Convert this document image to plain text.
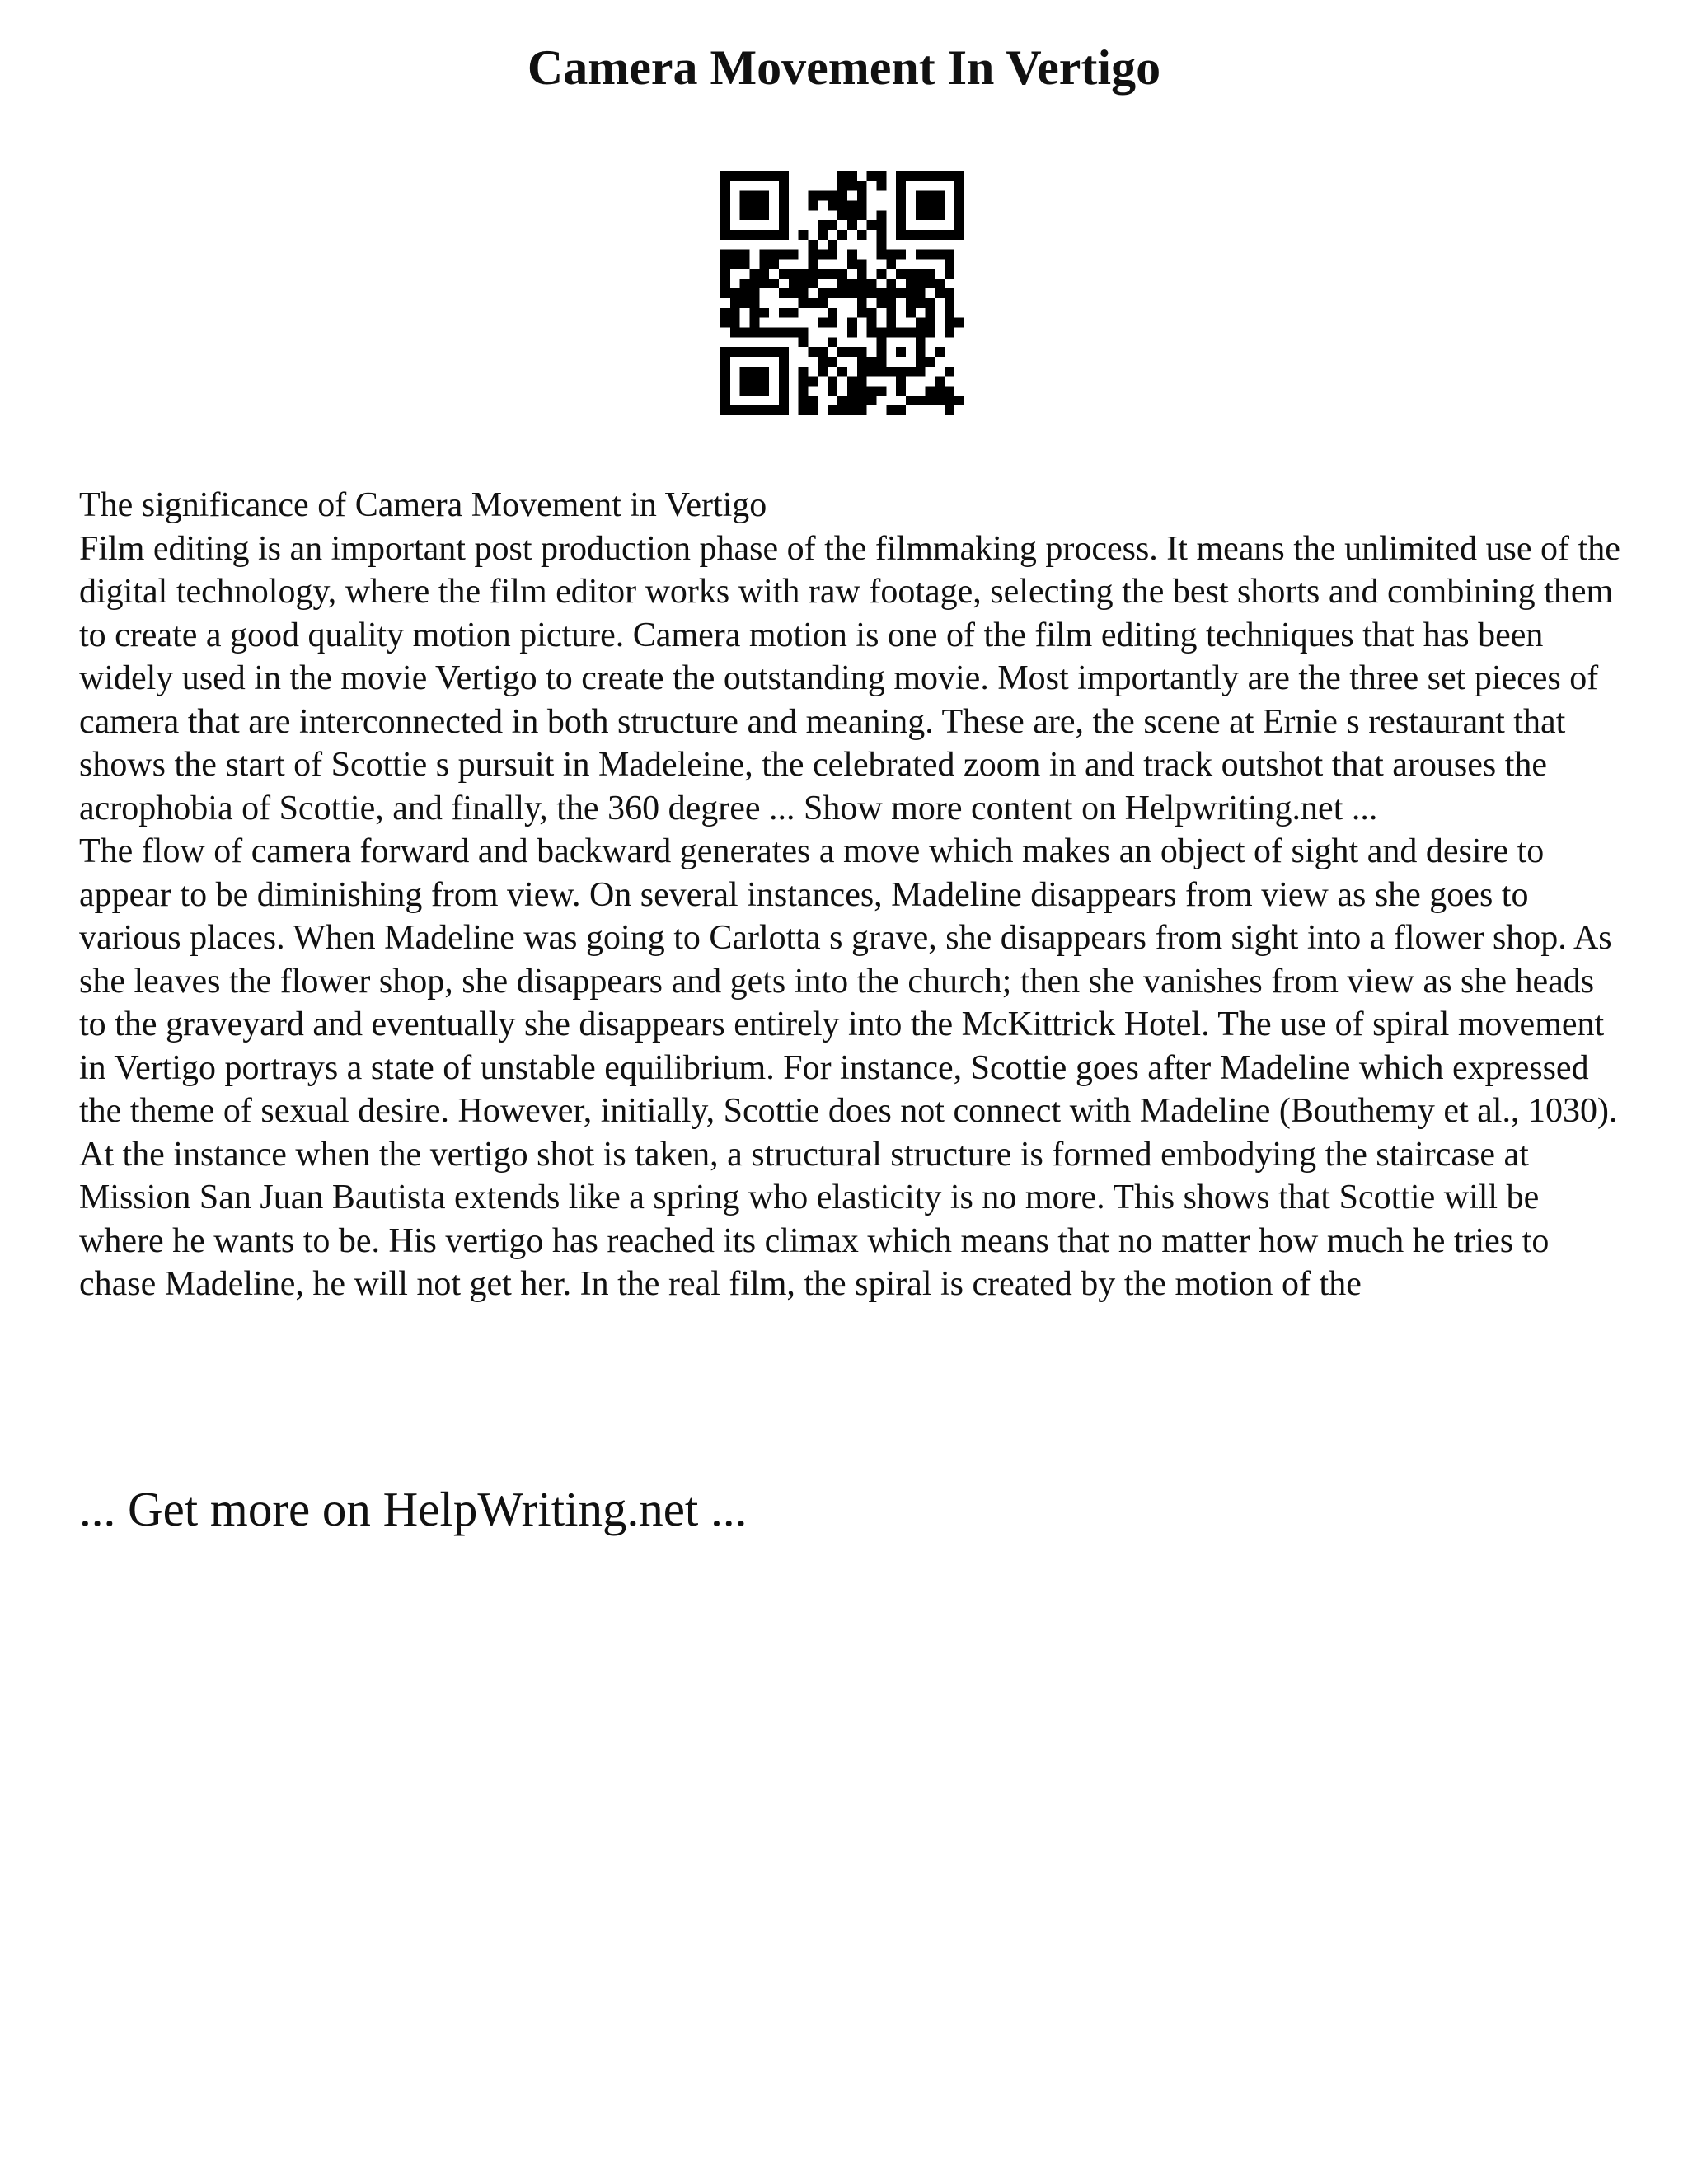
Camera Movement In Vertigo

The significance of Camera Movement in Vertigo

Film editing is an important post production phase of the filmmaking process. It means the unlimited use of the digital technology, where the film editor works with raw footage, selecting the best shorts and combining them to create a good quality motion picture. Camera motion is one of the film editing techniques that has been widely used in the movie Vertigo to create the outstanding movie. Most importantly are the three set pieces of camera that are interconnected in both structure and meaning. These are, the scene at Ernie s restaurant that shows the start of Scottie s pursuit in Madeleine, the celebrated zoom in and track outshot that arouses the acrophobia of Scottie, and finally, the 360 degree ... Show more content on Helpwriting.net ...

The flow of camera forward and backward generates a move which makes an object of sight and desire to appear to be diminishing from view. On several instances, Madeline disappears from view as she goes to various places. When Madeline was going to Carlotta s grave, she disappears from sight into a flower shop. As she leaves the flower shop, she disappears and gets into the church; then she vanishes from view as she heads to the graveyard and eventually she disappears entirely into the McKittrick Hotel. The use of spiral movement in Vertigo portrays a state of unstable equilibrium. For instance, Scottie goes after Madeline which expressed the theme of sexual desire. However, initially, Scottie does not connect with Madeline (Bouthemy et al., 1030).

At the instance when the vertigo shot is taken, a structural structure is formed embodying the staircase at Mission San Juan Bautista extends like a spring who elasticity is no more. This shows that Scottie will be where he wants to be. His vertigo has reached its climax which means that no matter how much he tries to chase Madeline, he will not get her. In the real film, the spiral is created by the motion of the

... Get more on HelpWriting.net ...
